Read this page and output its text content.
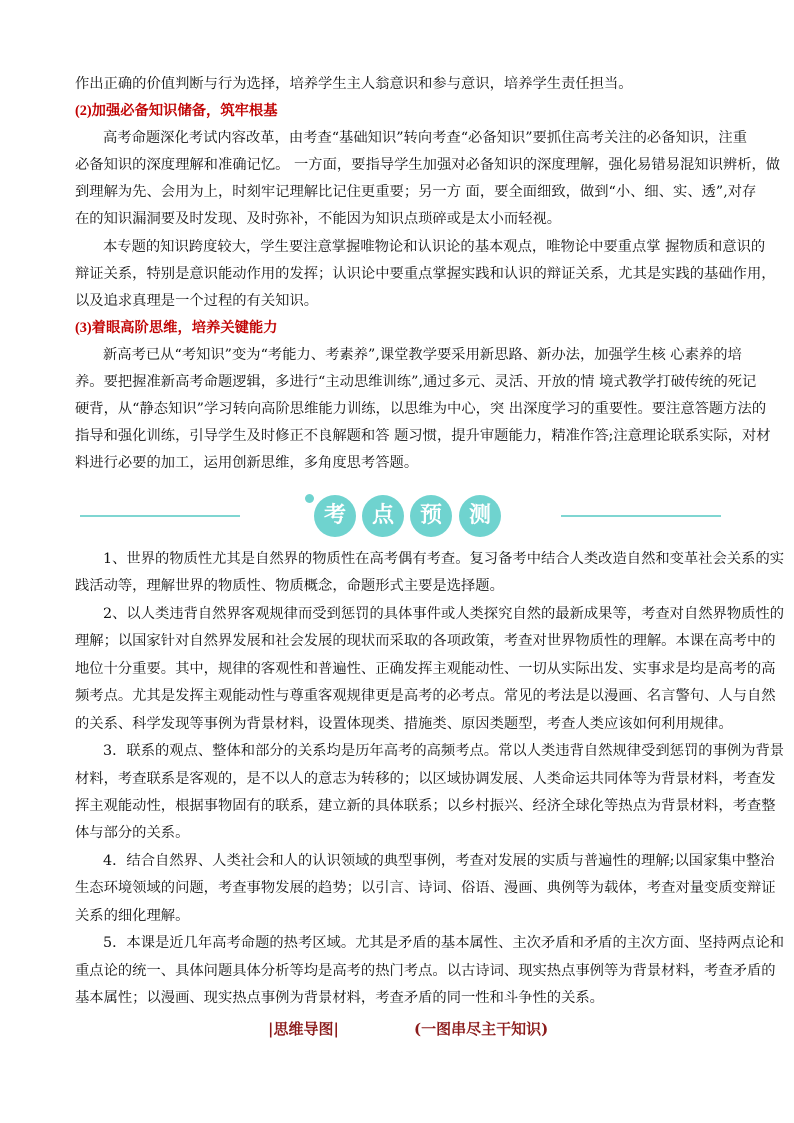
作出正确的价值判断与行为选择，培养学生主人翁意识和参与意识，培养学生责任担当。
(2)加强必备知识储备，筑牢根基
高考命题深化考试内容改革，由考查“基础知识”转向考查“必备知识”要抓住高考关注的必备知识，注重
必备知识的深度理解和准确记忆。 一方面，要指导学生加强对必备知识的深度理解，强化易错易混知识辨析，做
到理解为先、会用为上，时刻牢记理解比记住更重要；另一方 面，要全面细致，做到“小、细、实、透”,对存
在的知识漏洞要及时发现、及时弥补，不能因为知识点琐碎或是太小而轻视。
本专题的知识跨度较大，学生要注意掌握唯物论和认识论的基本观点，唯物论中要重点掌 握物质和意识的
辩证关系，特别是意识能动作用的发挥；认识论中要重点掌握实践和认识的辩证关系，尤其是实践的基础作用，
以及追求真理是一个过程的有关知识。
(3)着眼高阶思维，培养关键能力
新高考已从“考知识”变为“考能力、考素养”,课堂教学要采用新思路、新办法，加强学生核 心素养的培
养。要把握准新高考命题逻辑，多进行“主动思维训练”,通过多元、灵活、开放的情 境式教学打破传统的死记
硬背，从“静态知识”学习转向高阶思维能力训练，以思维为中心，突 出深度学习的重要性。要注意答题方法的
指导和强化训练，引导学生及时修正不良解题和答 题习惯，提升审题能力，精准作答;注意理论联系实际，对材
料进行必要的加工，运用创新思维，多角度思考答题。
考	点	预	测
1、世界的物质性尤其是自然界的物质性在高考偶有考查。复习备考中结合人类改造自然和变革社会关系的实
践活动等，理解世界的物质性、物质概念，命题形式主要是选择题。
2、以人类违背自然界客观规律而受到惩罚的具体事件或人类探究自然的最新成果等，考查对自然界物质性的
理解；以国家针对自然界发展和社会发展的现状而采取的各项政策，考查对世界物质性的理解。本课在高考中的
地位十分重要。其中，规律的客观性和普遍性、正确发挥主观能动性、一切从实际出发、实事求是均是高考的高
频考点。尤其是发挥主观能动性与尊重客观规律更是高考的必考点。常见的考法是以漫画、名言警句、人与自然
的关系、科学发现等事例为背景材料，设置体现类、措施类、原因类题型，考查人类应该如何利用规律。
3．联系的观点、整体和部分的关系均是历年高考的高频考点。常以人类违背自然规律受到惩罚的事例为背景
材料，考查联系是客观的，是不以人的意志为转移的；以区域协调发展、人类命运共同体等为背景材料，考查发
挥主观能动性，根据事物固有的联系，建立新的具体联系；以乡村振兴、经济全球化等热点为背景材料，考查整
体与部分的关系。
4．结合自然界、人类社会和人的认识领域的典型事例，考查对发展的实质与普遍性的理解;以国家集中整治
生态环境领域的问题，考查事物发展的趋势；以引言、诗词、俗语、漫画、典例等为载体，考查对量变质变辩证
关系的细化理解。
5．本课是近几年高考命题的热考区域。尤其是矛盾的基本属性、主次矛盾和矛盾的主次方面、坚持两点论和
重点论的统一、具体问题具体分析等均是高考的热门考点。以古诗词、现实热点事例等为背景材料，考查矛盾的
基本属性；以漫画、现实热点事例为背景材料，考查矛盾的同一性和斗争性的关系。
|思维导图|	(一图串尽主干知识)
